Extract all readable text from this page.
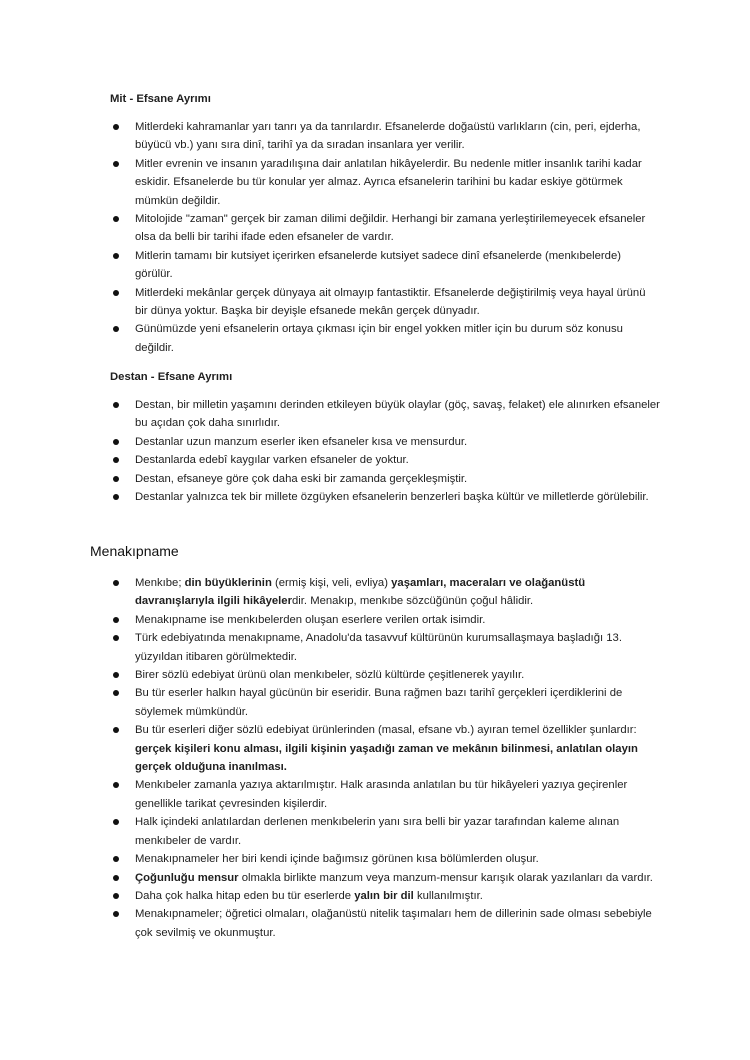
Mit - Efsane Ayrımı

Mitlerdeki kahramanlar yarı tanrı ya da tanrılardır. Efsanelerde doğaüstü varlıkların (cin, peri, ejderha, büyücü vb.) yanı sıra dinî, tarihî ya da sıradan insanlara yer verilir.
Mitler evrenin ve insanın yaradılışına dair anlatılan hikâyelerdir. Bu nedenle mitler insanlık tarihi kadar eskidir. Efsanelerde bu tür konular yer almaz. Ayrıca efsanelerin tarihini bu kadar eskiye götürmek mümkün değildir.
Mitolojide "zaman" gerçek bir zaman dilimi değildir. Herhangi bir zamana yerleştirilemeyecek efsaneler olsa da belli bir tarihi ifade eden efsaneler de vardır.
Mitlerin tamamı bir kutsiyet içerirken efsanelerde kutsiyet sadece dinî efsanelerde (menkıbelerde) görülür.
Mitlerdeki mekânlar gerçek dünyaya ait olmayıp fantastiktir. Efsanelerde değiştirilmiş veya hayal ürünü bir dünya yoktur. Başka bir deyişle efsanede mekân gerçek dünyadır.
Günümüzde yeni efsanelerin ortaya çıkması için bir engel yokken mitler için bu durum söz konusu değildir.

Destan - Efsane Ayrımı

Destan, bir milletin yaşamını derinden etkileyen büyük olaylar (göç, savaş, felaket) ele alınırken efsaneler bu açıdan çok daha sınırlıdır.
Destanlar uzun manzum eserler iken efsaneler kısa ve mensurdur.
Destanlarda edebî kaygılar varken efsaneler de yoktur.
Destan, efsaneye göre çok daha eski bir zamanda gerçekleşmiştir.
Destanlar yalnızca tek bir millete özgüyken efsanelerin benzerleri başka kültür ve milletlerde görülebilir.

Menakıpname

Menkıbe; din büyüklerinin (ermiş kişi, veli, evliya) yaşamları, maceraları ve olağanüstü davranışlarıyla ilgili hikâyelerdir. Menakıp, menkıbe sözcüğünün çoğul hâlidir.
Menakıpname ise menkıbelerden oluşan eserlere verilen ortak isimdir.
Türk edebiyatında menakıpname, Anadolu'da tasavvuf kültürünün kurumsallaşmaya başladığı 13. yüzyıldan itibaren görülmektedir.
Birer sözlü edebiyat ürünü olan menkıbeler, sözlü kültürde çeşitlenerek yayılır.
Bu tür eserler halkın hayal gücünün bir eseridir. Buna rağmen bazı tarihî gerçekleri içerdiklerini de söylemek mümkündür.
Bu tür eserleri diğer sözlü edebiyat ürünlerinden (masal, efsane vb.) ayıran temel özellikler şunlardır: gerçek kişileri konu alması, ilgili kişinin yaşadığı zaman ve mekânın bilinmesi, anlatılan olayın gerçek olduğuna inanılması.
Menkıbeler zamanla yazıya aktarılmıştır. Halk arasında anlatılan bu tür hikâyeleri yazıya geçirenler genellikle tarikat çevresinden kişilerdir.
Halk içindeki anlatılardan derlenen menkıbelerin yanı sıra belli bir yazar tarafından kaleme alınan menkıbeler de vardır.
Menakıpnameler her biri kendi içinde bağımsız görünen kısa bölümlerden oluşur.
Çoğunluğu mensur olmakla birlikte manzum veya manzum-mensur karışık olarak yazılanları da vardır.
Daha çok halka hitap eden bu tür eserlerde yalın bir dil kullanılmıştır.
Menakıpnameler; öğretici olmaları, olağanüstü nitelik taşımaları hem de dillerinin sade olması sebebiyle çok sevilmiş ve okunmuştur.
